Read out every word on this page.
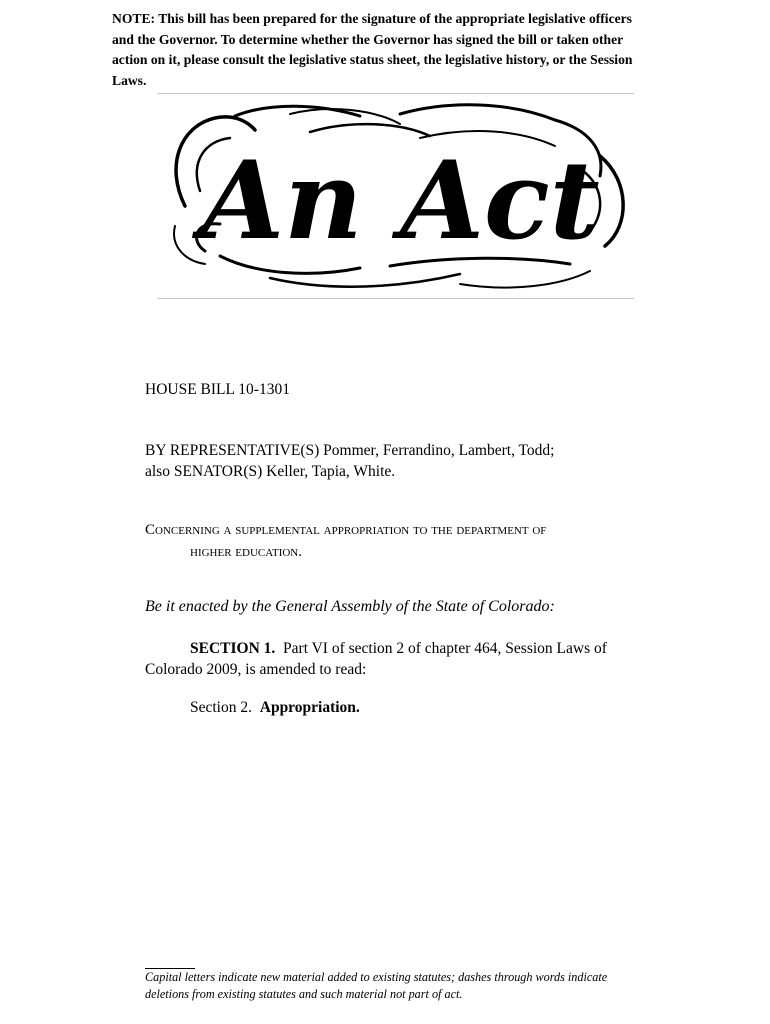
NOTE: This bill has been prepared for the signature of the appropriate legislative officers and the Governor. To determine whether the Governor has signed the bill or taken other action on it, please consult the legislative status sheet, the legislative history, or the Session Laws.
An Act
HOUSE BILL 10-1301
BY REPRESENTATIVE(S) Pommer, Ferrandino, Lambert, Todd;
also SENATOR(S) Keller, Tapia, White.
Concerning a supplemental appropriation to the department of
higher education.
Be it enacted by the General Assembly of the State of Colorado:
SECTION 1. Part VI of section 2 of chapter 464, Session Laws of Colorado 2009, is amended to read:
Section 2. Appropriation.
Capital letters indicate new material added to existing statutes; dashes through words indicate deletions from existing statutes and such material not part of act.
